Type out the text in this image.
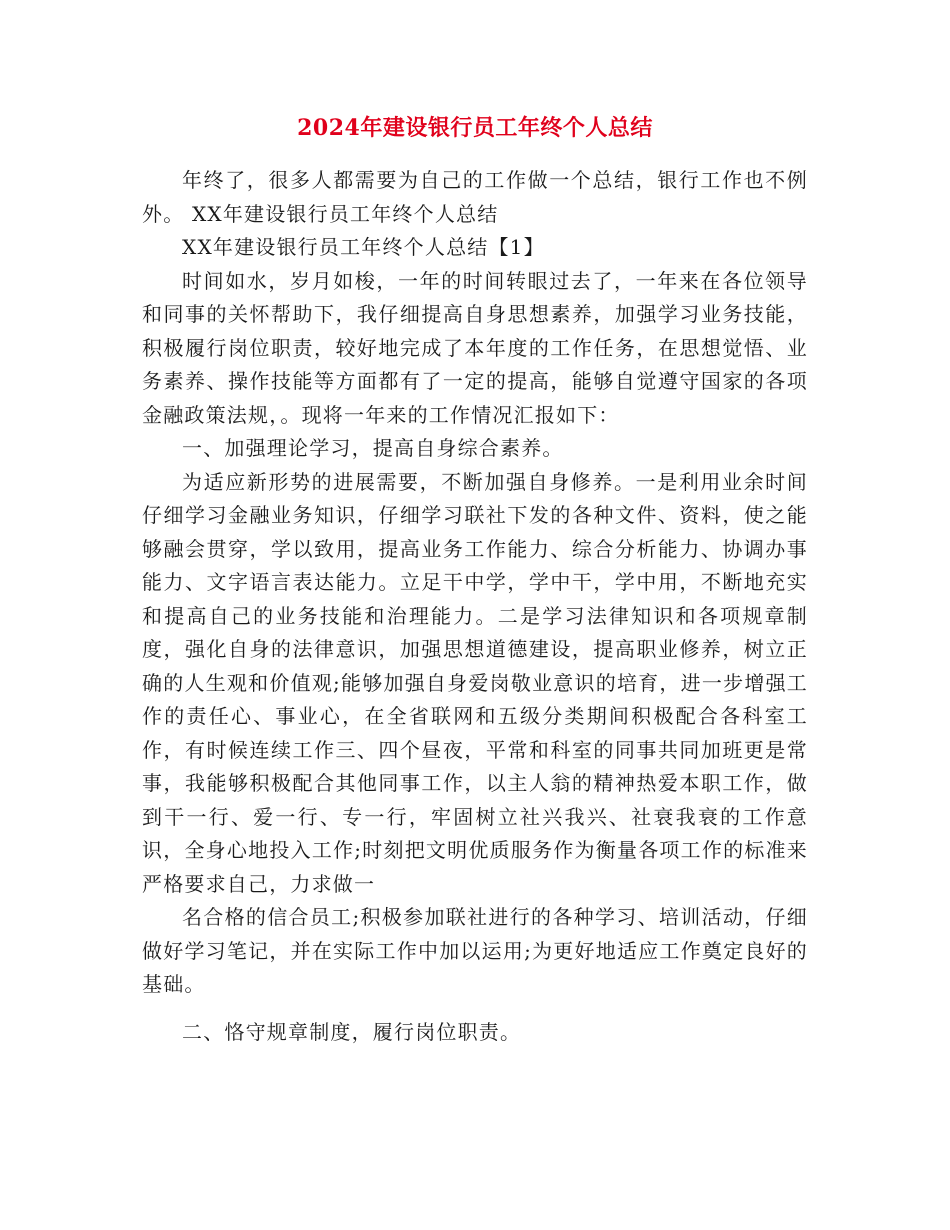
2024年建设银行员工年终个人总结

年终了，很多人都需要为自己的工作做一个总结，银行工作也不例外。 XX年建设银行员工年终个人总结

XX年建设银行员工年终个人总结【1】

时间如水，岁月如梭，一年的时间转眼过去了，一年来在各位领导和同事的关怀帮助下，我仔细提高自身思想素养，加强学习业务技能，积极履行岗位职责，较好地完成了本年度的工作任务，在思想觉悟、业务素养、操作技能等方面都有了一定的提高，能够自觉遵守国家的各项金融政策法规，。现将一年来的工作情况汇报如下：

一、加强理论学习，提高自身综合素养。

为适应新形势的进展需要，不断加强自身修养。一是利用业余时间仔细学习金融业务知识，仔细学习联社下发的各种文件、资料，使之能够融会贯穿，学以致用，提高业务工作能力、综合分析能力、协调办事能力、文字语言表达能力。立足干中学，学中干，学中用，不断地充实和提高自己的业务技能和治理能力。二是学习法律知识和各项规章制度，强化自身的法律意识，加强思想道德建设，提高职业修养，树立正确的人生观和价值观;能够加强自身爱岗敬业意识的培育，进一步增强工作的责任心、事业心，在全省联网和五级分类期间积极配合各科室工作，有时候连续工作三、四个昼夜，平常和科室的同事共同加班更是常事，我能够积极配合其他同事工作，以主人翁的精神热爱本职工作，做到干一行、爱一行、专一行，牢固树立社兴我兴、社衰我衰的工作意识，全身心地投入工作;时刻把文明优质服务作为衡量各项工作的标准来严格要求自己，力求做一

名合格的信合员工;积极参加联社进行的各种学习、培训活动，仔细做好学习笔记，并在实际工作中加以运用;为更好地适应工作奠定良好的基础。

二、恪守规章制度，履行岗位职责。
